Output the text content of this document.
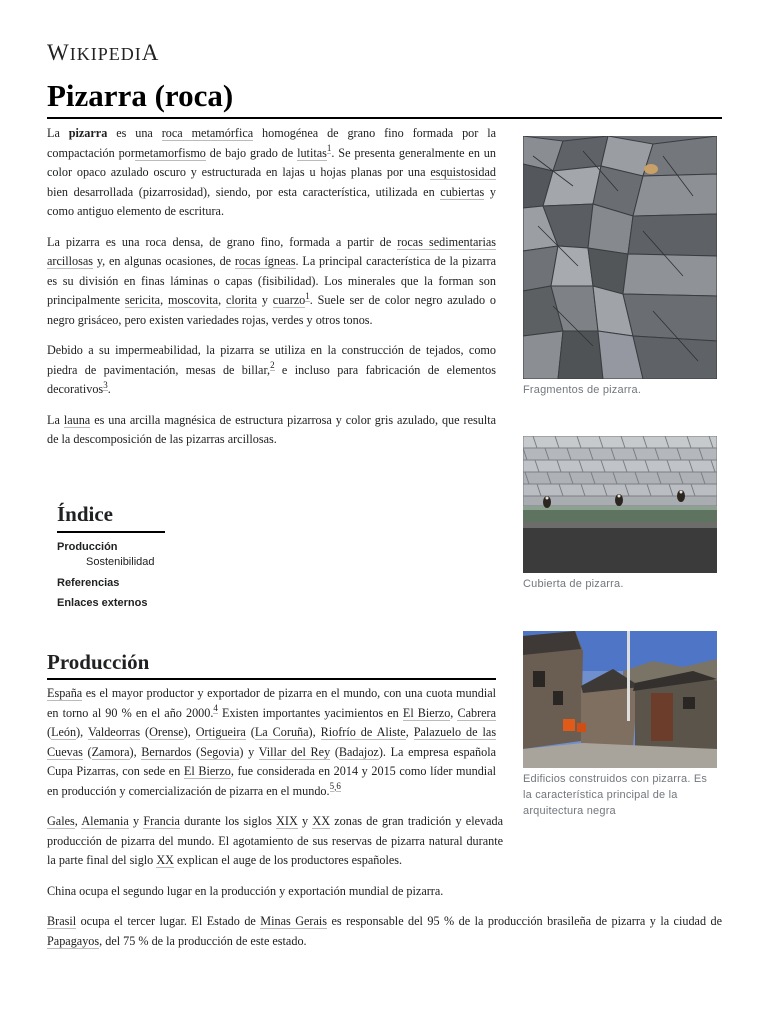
WIKIPEDIA
Pizarra (roca)

La pizarra es una roca metamórfica homogénea de grano fino formada por la compactación pormetamorfismo de bajo grado de lutitas$^1$. Se presenta generalmente en un color opaco azulado oscuro y estructurada en lajas u hojas planas por una esquistosidad bien desarrollada (pizarrosidad), siendo, por esta característica, utilizada en cubiertas y como antiguo elemento de escritura.

La pizarra es una roca densa, de grano fino, formada a partir de rocas sedimentarias arcillosas y, en algunas ocasiones, de rocas ígneas. La principal característica de la pizarra es su división en finas láminas o capas (fisibilidad). Los minerales que la forman son principalmente sericita, moscovita, clorita y cuarzo$^1$. Suele ser de color negro azulado o negro grisáceo, pero existen variedades rojas, verdes y otros tonos.

Debido a su impermeabilidad, la pizarra se utiliza en la construcción de tejados, como piedra de pavimentación, mesas de billar,$^2$ e incluso para fabricación de elementos decorativos$^3$.

La launa es una arcilla magnésica de estructura pizarrosa y color gris azulado, que resulta de la descomposición de las pizarras arcillosas.

Índice
Producción
Sostenibilidad
Referencias
Enlaces externos
Producción

España es el mayor productor y exportador de pizarra en el mundo, con una cuota mundial en torno al 90 % en el año 2000.$^4$ Existen importantes yacimientos en El Bierzo, Cabrera (León), Valdeorras (Orense), Ortigueira (La Coruña), Riofrío de Aliste, Palazuelo de las Cuevas (Zamora), Bernardos (Segovia) y Villar del Rey (Badajoz). La empresa española Cupa Pizarras, con sede en El Bierzo, fue considerada en 2014 y 2015 como líder mundial en producción y comercialización de pizarra en el mundo.$^{5,6}$

Gales, Alemania y Francia durante los siglos XIX y XX zonas de gran tradición y elevada producción de pizarra del mundo. El agotamiento de sus reservas de pizarra natural durante la parte final del siglo XX explican el auge de los productores españoles.

China ocupa el segundo lugar en la producción y exportación mundial de pizarra.

Brasil ocupa el tercer lugar. El Estado de Minas Gerais es responsable del 95 % de la producción brasileña de pizarra y la ciudad de Papagayos, del 75 % de la producción de este estado.

Fragmentos de pizarra.
Cubierta de pizarra.
Edificios construidos con pizarra. Es la característica principal de la arquitectura negra
